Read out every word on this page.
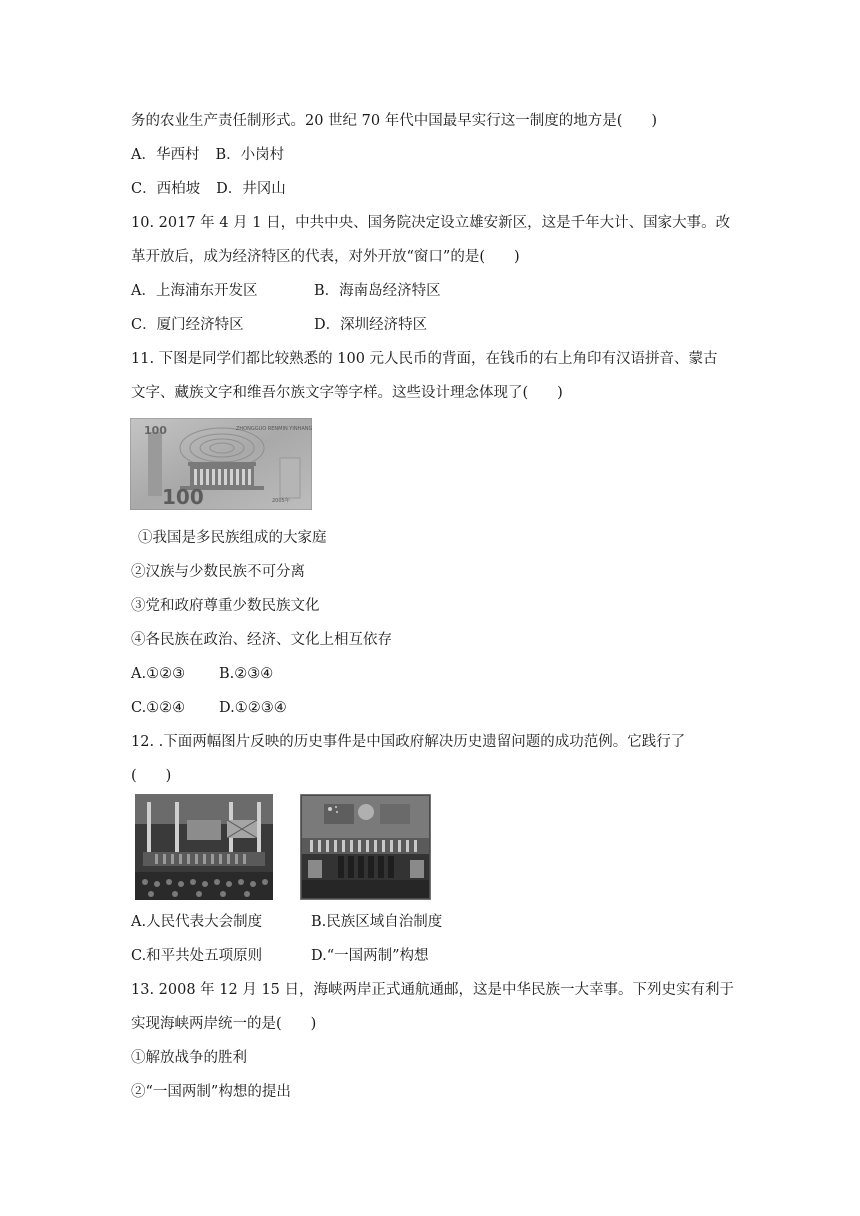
务的农业生产责任制形式。20 世纪 70 年代中国最早实行这一制度的地方是(　　)
A．华西村 B．小岗村
C．西柏坡 D．井冈山
10. 2017 年 4 月 1 日，中共中央、国务院决定设立雄安新区，这是千年大计、国家大事。改
革开放后，成为经济特区的代表，对外开放“窗口”的是(　　)
A．上海浦东开发区	B．海南岛经济特区
C．厦门经济特区	D．深圳经济特区
11. 下图是同学们都比较熟悉的 100 元人民币的背面，在钱币的右上角印有汉语拼音、蒙古
文字、藏族文字和维吾尔族文字等字样。这些设计理念体现了(　　)
100	ZHONGGUO RENMIN YINHANG
100	2005年
①我国是多民族组成的大家庭
②汉族与少数民族不可分离
③党和政府尊重少数民族文化
④各民族在政治、经济、文化上相互依存
A.①②③ B.②③④
C.①②④ D.①②③④
12. .下面两幅图片反映的历史事件是中国政府解决历史遗留问题的成功范例。它践行了
(　　)
A.人民代表大会制度	B.民族区域自治制度
C.和平共处五项原则	D.“一国两制”构想
13. 2008 年 12 月 15 日，海峡两岸正式通航通邮，这是中华民族一大幸事。下列史实有利于
实现海峡两岸统一的是(　　)
①解放战争的胜利
②“一国两制”构想的提出
